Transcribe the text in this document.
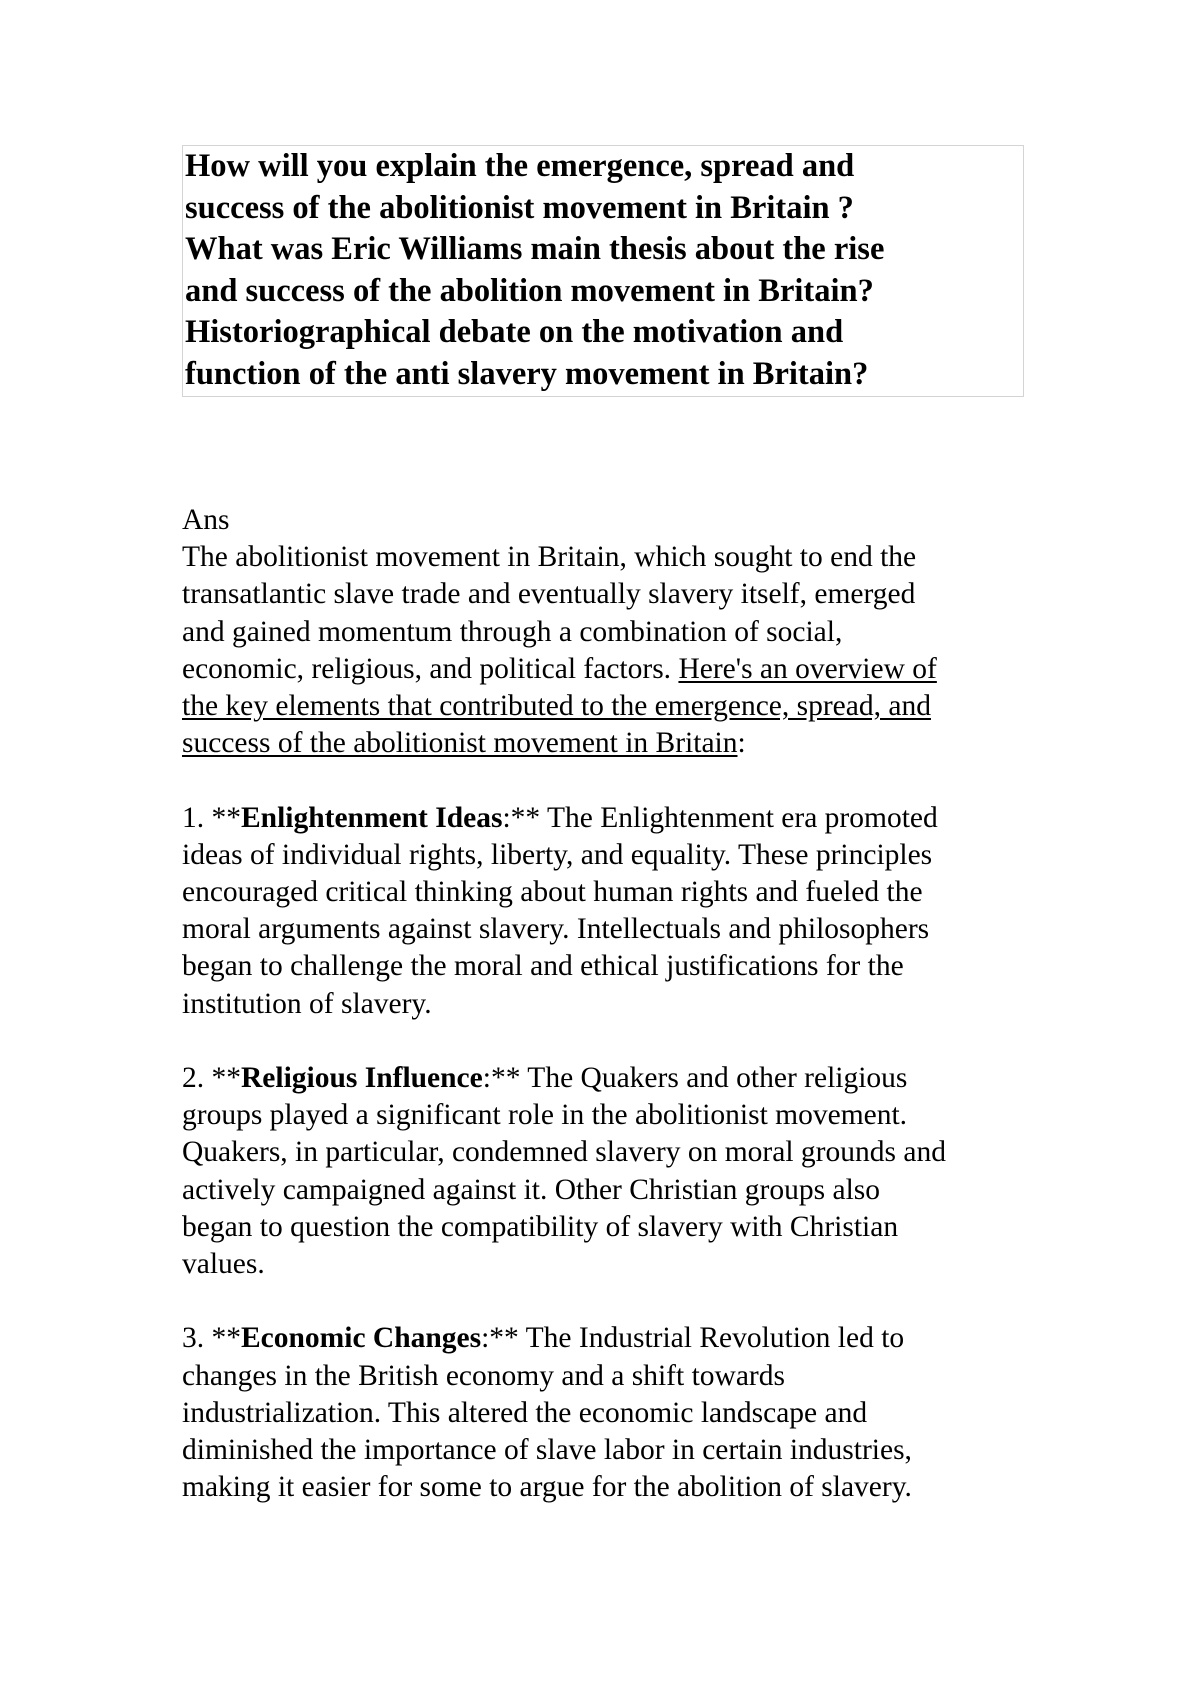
How will you explain the emergence, spread and

success of the abolitionist movement in Britain ?

What was Eric Williams main thesis about the rise

and success of the abolition movement in Britain?

Historiographical debate on the motivation and

function of the anti slavery movement in Britain?

Ans

The abolitionist movement in Britain, which sought to end the

transatlantic slave trade and eventually slavery itself, emerged

and gained momentum through a combination of social,

economic, religious, and political factors. Here's an overview of

the key elements that contributed to the emergence, spread, and

success of the abolitionist movement in Britain:

1. **Enlightenment Ideas:** The Enlightenment era promoted

ideas of individual rights, liberty, and equality. These principles

encouraged critical thinking about human rights and fueled the

moral arguments against slavery. Intellectuals and philosophers

began to challenge the moral and ethical justifications for the

institution of slavery.

2. **Religious Influence:** The Quakers and other religious

groups played a significant role in the abolitionist movement.

Quakers, in particular, condemned slavery on moral grounds and

actively campaigned against it. Other Christian groups also

began to question the compatibility of slavery with Christian

values.

3. **Economic Changes:** The Industrial Revolution led to

changes in the British economy and a shift towards

industrialization. This altered the economic landscape and

diminished the importance of slave labor in certain industries,

making it easier for some to argue for the abolition of slavery.
